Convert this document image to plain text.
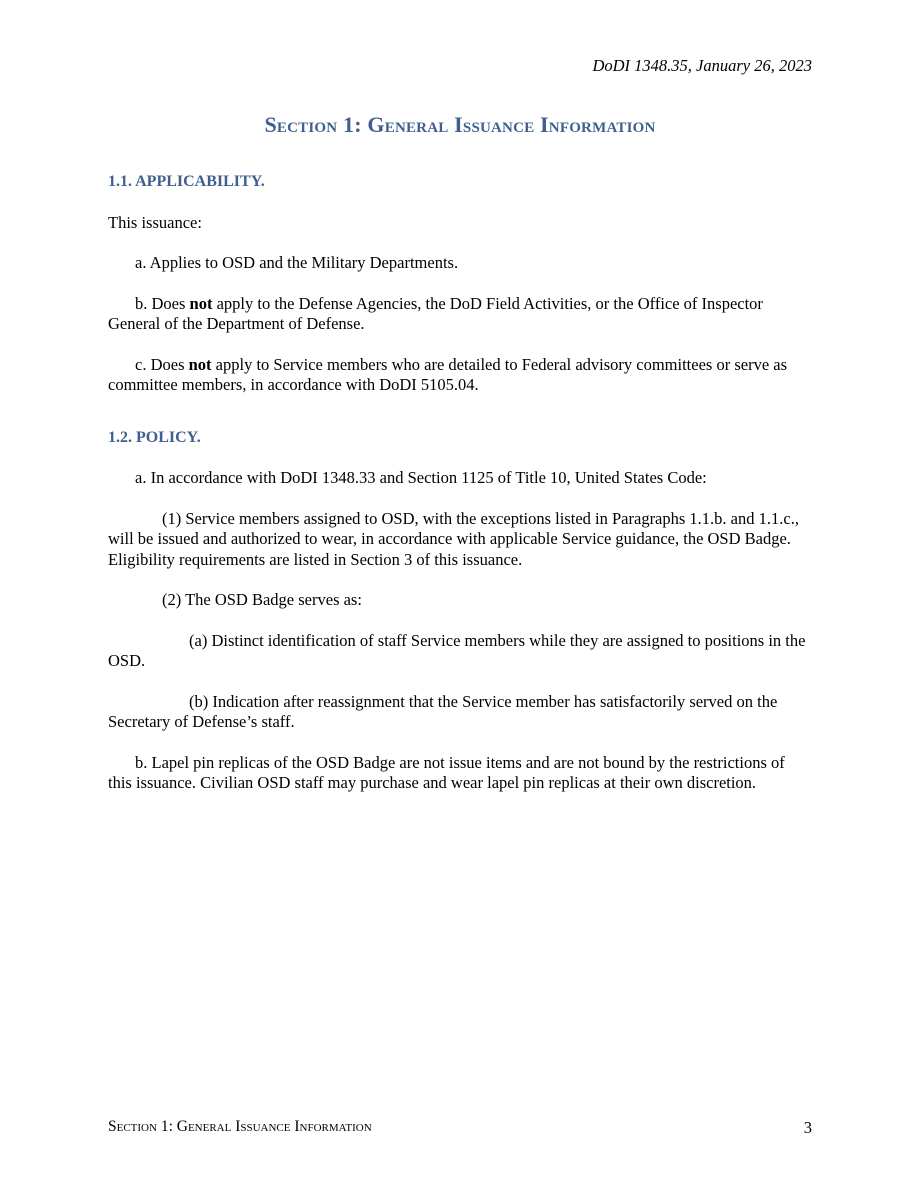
DoDI 1348.35, January 26, 2023
Section 1: General Issuance Information

1.1. APPLICABILITY.

This issuance:

a. Applies to OSD and the Military Departments.

b. Does not apply to the Defense Agencies, the DoD Field Activities, or the Office of Inspector General of the Department of Defense.

c. Does not apply to Service members who are detailed to Federal advisory committees or serve as committee members, in accordance with DoDI 5105.04.

1.2. POLICY.

a. In accordance with DoDI 1348.33 and Section 1125 of Title 10, United States Code:

(1) Service members assigned to OSD, with the exceptions listed in Paragraphs 1.1.b. and 1.1.c., will be issued and authorized to wear, in accordance with applicable Service guidance, the OSD Badge. Eligibility requirements are listed in Section 3 of this issuance.

(2) The OSD Badge serves as:

(a) Distinct identification of staff Service members while they are assigned to positions in the OSD.

(b) Indication after reassignment that the Service member has satisfactorily served on the Secretary of Defense’s staff.

b. Lapel pin replicas of the OSD Badge are not issue items and are not bound by the restrictions of this issuance. Civilian OSD staff may purchase and wear lapel pin replicas at their own discretion.

Section 1: General Issuance Information	3
